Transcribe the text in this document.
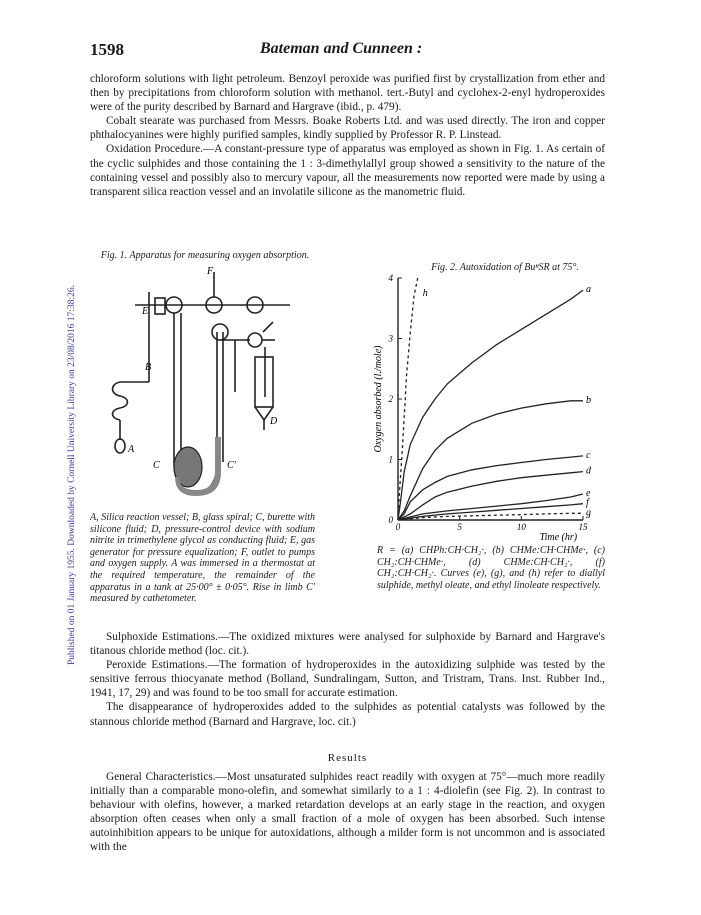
Published on 01 January 1955. Downloaded by Cornell University Library on 23/08/2016 17:38:26.
1598	Bateman and Cunneen :

chloroform solutions with light petroleum. Benzoyl peroxide was purified first by crystallization from ether and then by precipitations from chloroform solution with methanol. tert.-Butyl and cyclohex-2-enyl hydroperoxides were of the purity described by Barnard and Hargrave (ibid., p. 479).

Cobalt stearate was purchased from Messrs. Boake Roberts Ltd. and was used directly. The iron and copper phthalocyanines were highly purified samples, kindly supplied by Professor R. P. Linstead.

Oxidation Procedure.—A constant-pressure type of apparatus was employed as shown in Fig. 1. As certain of the cyclic sulphides and those containing the 1 : 3-dimethylallyl group showed a sensitivity to the nature of the containing vessel and possibly also to mercury vapour, all the measurements now reported were made by using a transparent silica reaction vessel and an involatile silicone as the manometric fluid.

Fig. 1. Apparatus for measuring oxygen absorption.
F
E
B
A
C	C′
D
A, Silica reaction vessel; B, glass spiral; C, burette with silicone fluid; D, pressure-control device with sodium nitrite in trimethylene glycol as conducting fluid; E, gas generator for pressure equalization; F, outlet to pumps and oxygen supply. A was immersed in a thermostat at the required temperature, the remainder of the apparatus in a tank at 25·00° ± 0·05°. Rise in limb C′ measured by cathetometer.
Fig. 2. Autoxidation of BuⁿSR at 75°.
0	5	10	15
0
1
2
3
4
Time (hr)
Oxygen absorbed (l./mole)
a
b
c
d
e
f
g
h
R = (a) CHPh:CH·CH₂·, (b) CHMe:CH·CHMe·, (c) CH₂:CH·CHMe·, (d) CHMe:CH·CH₂·, (f) CH₂:CH·CH₂·. Curves (e), (g), and (h) refer to diallyl sulphide, methyl oleate, and ethyl linoleate respectively.

Sulphoxide Estimations.—The oxidized mixtures were analysed for sulphoxide by Barnard and Hargrave's titanous chloride method (loc. cit.).

Peroxide Estimations.—The formation of hydroperoxides in the autoxidizing sulphide was tested by the sensitive ferrous thiocyanate method (Bolland, Sundralingam, Sutton, and Tristram, Trans. Inst. Rubber Ind., 1941, 17, 29) and was found to be too small for accurate estimation.

The disappearance of hydroperoxides added to the sulphides as potential catalysts was followed by the stannous chloride method (Barnard and Hargrave, loc. cit.)

Results

General Characteristics.—Most unsaturated sulphides react readily with oxygen at 75°—much more readily initially than a comparable mono-olefin, and somewhat similarly to a 1 : 4-diolefin (see Fig. 2). In contrast to behaviour with olefins, however, a marked retardation develops at an early stage in the reaction, and oxygen absorption often ceases when only a small fraction of a mole of oxygen has been absorbed. Such intense autoinhibition appears to be unique for autoxidations, although a milder form is not uncommon and is associated with the
